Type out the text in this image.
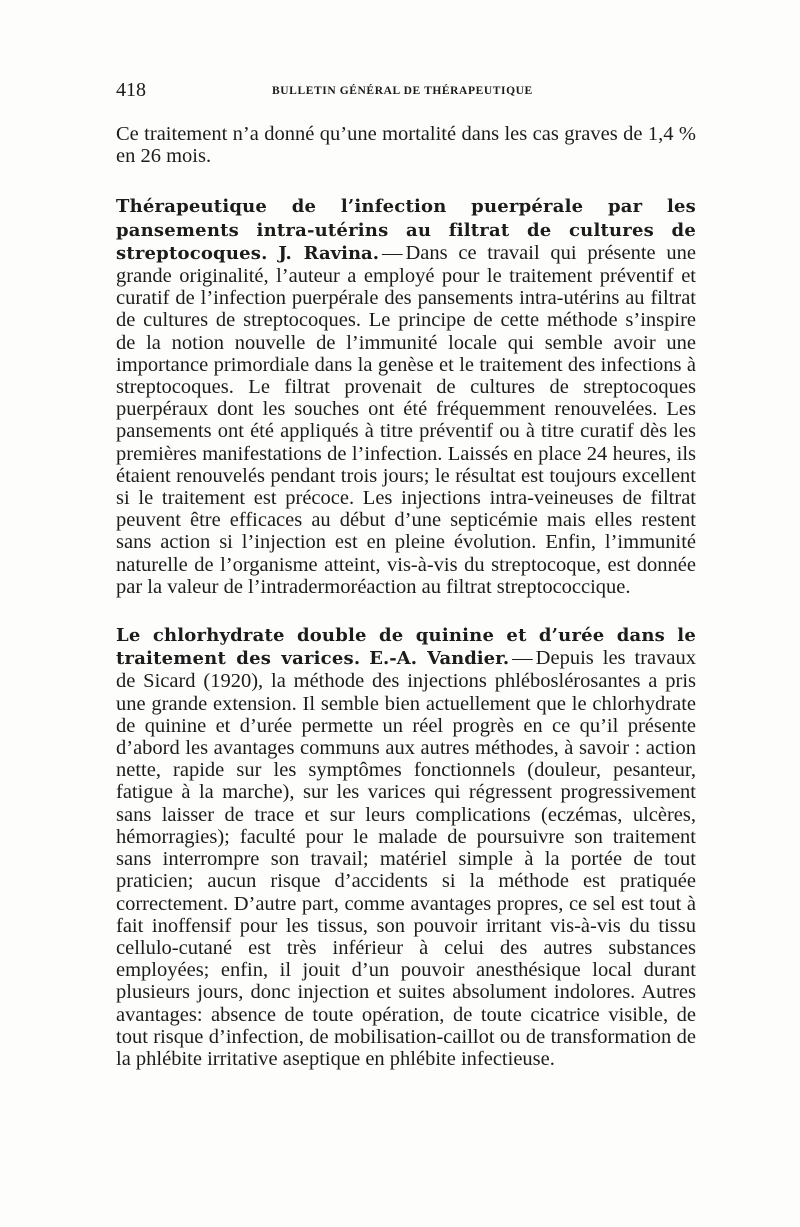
418	BULLETIN GÉNÉRAL DE THÉRAPEUTIQUE

Ce traitement n’a donné qu’une mortalité dans les cas graves de 1,4 % en 26 mois.

Thérapeutique de l’infection puerpérale par les pansements intra-utérins au filtrat de cultures de streptocoques. J. Ravina. — Dans ce travail qui présente une grande originalité, l’auteur a employé pour le traitement préventif et curatif de l’infection puerpérale des pansements intra-utérins au filtrat de cultures de streptocoques. Le principe de cette méthode s’inspire de la notion nouvelle de l’immunité locale qui semble avoir une importance primordiale dans la genèse et le traitement des infections à streptocoques. Le filtrat provenait de cultures de streptocoques puerpéraux dont les souches ont été fréquemment renouvelées. Les pansements ont été appliqués à titre préventif ou à titre curatif dès les premières manifestations de l’infection. Laissés en place 24 heures, ils étaient renouvelés pendant trois jours; le résultat est toujours excellent si le traitement est précoce. Les injections intra-veineuses de filtrat peuvent être efficaces au début d’une septicémie mais elles restent sans action si l’injection est en pleine évolution. Enfin, l’immunité naturelle de l’organisme atteint, vis-à-vis du streptocoque, est donnée par la valeur de l’intradermoréaction au filtrat streptococcique.

Le chlorhydrate double de quinine et d’urée dans le traitement des varices. E.-A. Vandier. — Depuis les travaux de Sicard (1920), la méthode des injections phléboslérosantes a pris une grande extension. Il semble bien actuellement que le chlorhydrate de quinine et d’urée permette un réel progrès en ce qu’il présente d’abord les avantages communs aux autres méthodes, à savoir : action nette, rapide sur les symptômes fonctionnels (douleur, pesanteur, fatigue à la marche), sur les varices qui régressent progressivement sans laisser de trace et sur leurs complications (eczémas, ulcères, hémorragies); faculté pour le malade de poursuivre son traitement sans interrompre son travail; matériel simple à la portée de tout praticien; aucun risque d’accidents si la méthode est pratiquée correctement. D’autre part, comme avantages propres, ce sel est tout à fait inoffensif pour les tissus, son pouvoir irritant vis-à-vis du tissu cellulo-cutané est très inférieur à celui des autres substances employées; enfin, il jouit d’un pouvoir anesthésique local durant plusieurs jours, donc injection et suites absolument indolores. Autres avantages: absence de toute opération, de toute cicatrice visible, de tout risque d’infection, de mobilisation-caillot ou de transformation de la phlébite irritative aseptique en phlébite infectieuse.
